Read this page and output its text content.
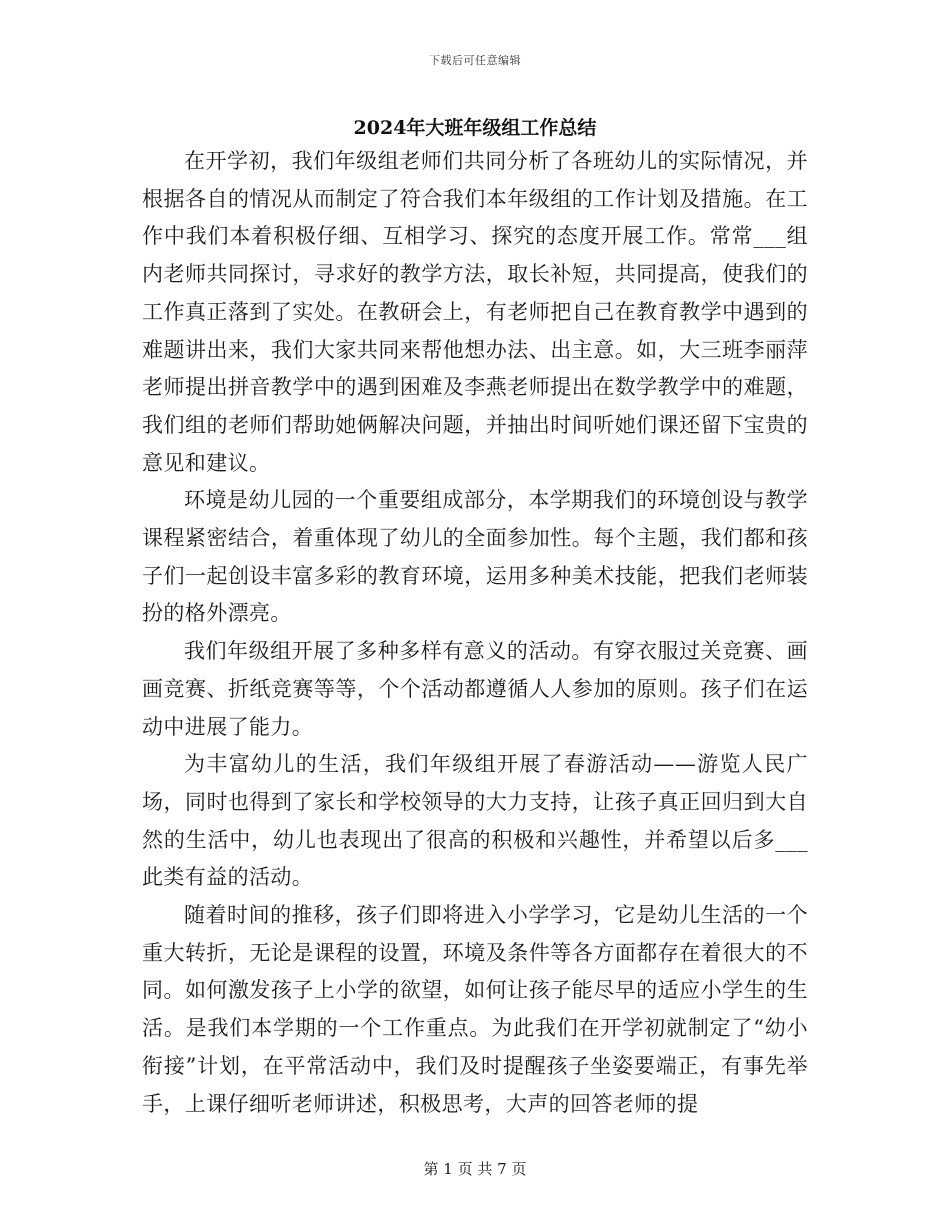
下载后可任意编辑
2024年大班年级组工作总结

在开学初，我们年级组老师们共同分析了各班幼儿的实际情况，并根据各自的情况从而制定了符合我们本年级组的工作计划及措施。在工作中我们本着积极仔细、互相学习、探究的态度开展工作。常常___组内老师共同探讨，寻求好的教学方法，取长补短，共同提高，使我们的工作真正落到了实处。在教研会上，有老师把自己在教育教学中遇到的难题讲出来，我们大家共同来帮他想办法、出主意。如，大三班李丽萍老师提出拼音教学中的遇到困难及李燕老师提出在数学教学中的难题，我们组的老师们帮助她俩解决问题，并抽出时间听她们课还留下宝贵的意见和建议。

环境是幼儿园的一个重要组成部分，本学期我们的环境创设与教学课程紧密结合，着重体现了幼儿的全面参加性。每个主题，我们都和孩子们一起创设丰富多彩的教育环境，运用多种美术技能，把我们老师装扮的格外漂亮。

我们年级组开展了多种多样有意义的活动。有穿衣服过关竞赛、画画竞赛、折纸竞赛等等，个个活动都遵循人人参加的原则。孩子们在运动中进展了能力。

为丰富幼儿的生活，我们年级组开展了春游活动——游览人民广场，同时也得到了家长和学校领导的大力支持，让孩子真正回归到大自然的生活中，幼儿也表现出了很高的积极和兴趣性，并希望以后多___此类有益的活动。

随着时间的推移，孩子们即将进入小学学习，它是幼儿生活的一个重大转折，无论是课程的设置，环境及条件等各方面都存在着很大的不同。如何激发孩子上小学的欲望，如何让孩子能尽早的适应小学生的生活。是我们本学期的一个工作重点。为此我们在开学初就制定了“幼小衔接”计划，在平常活动中，我们及时提醒孩子坐姿要端正，有事先举手，上课仔细听老师讲述，积极思考，大声的回答老师的提

第 1 页 共 7 页
